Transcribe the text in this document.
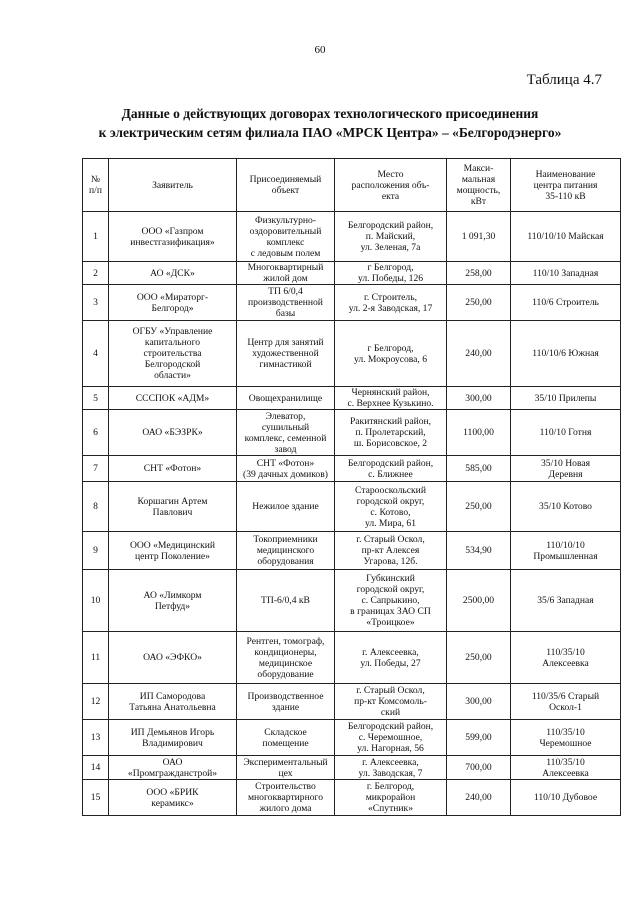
60
Таблица 4.7
Данные о действующих договорах технологического присоединения
к электрическим сетям филиала ПАО «МРСК Центра» – «Белгородэнерго»
№
п/п	Заявитель	Присоединяемый
объект	Место
расположения объ-
екта	Макси-
мальная
мощность,
кВт	Наименование
центра питания
35-110 кВ
1	ООО «Газпром
инвестгазификация»	Физкультурно-
оздоровительный
комплекс
с ледовым полем	Белгородский район,
п. Майский,
ул. Зеленая, 7а	1 091,30	110/10/10 Майская
2	АО «ДСК»	Многоквартирный
жилой дом	г Белгород,
ул. Победы, 126	258,00	110/10 Западная
3	ООО «Мираторг-
Белгород»	ТП 6/0,4
производственной
базы	г. Строитель,
ул. 2-я Заводская, 17	250,00	110/6 Строитель
4	ОГБУ «Управление
капитального
строительства
Белгородской
области»	Центр для занятий
художественной
гимнастикой	г Белгород,
ул. Мокроусова, 6	240,00	110/10/6 Южная
5	СССПОК «АДМ»	Овощехранилище	Чернянский район,
с. Верхнее Кузькино.	300,00	35/10 Прилепы
6	ОАО «БЭЗРК»	Элеватор,
сушильный
комплекс, семенной
завод	Ракитянский район,
п. Пролетарский,
ш. Борисовское, 2	1100,00	110/10 Готня
7	СНТ «Фотон»	СНТ «Фотон»
(39 дачных домиков)	Белгородский район,
с. Ближнее	585,00	35/10 Новая
Деревня
8	Коршагин Артем
Павлович	Нежилое здание	Старооскольский
городской округ,
с. Котово,
ул. Мира, 61	250,00	35/10 Котово
9	ООО «Медицинский
центр Поколение»	Токоприемники
медицинского
оборудования	г. Старый Оскол,
пр-кт Алексея
Угарова, 12б.	534,90	110/10/10
Промышленная
10	АО «Лимкорм
Петфуд»	ТП-6/0,4 кВ	Губкинский
городской округ,
с. Сапрыкино,
в границах ЗАО СП
«Троицкое»	2500,00	35/6 Западная
11	ОАО «ЭФКО»	Рентген, томограф,
кондиционеры,
медицинское
оборудование	г. Алексеевка,
ул. Победы, 27	250,00	110/35/10
Алексеевка
12	ИП Самородова
Татьяна Анатольевна	Производственное
здание	г. Старый Оскол,
пр-кт Комсомоль-
ский	300,00	110/35/6 Старый
Оскол-1
13	ИП Демьянов Игорь
Владимирович	Складское
помещение	Белгородский район,
с. Черемошное,
ул. Нагорная, 56	599,00	110/35/10
Черемошное
14	ОАО
«Промгражданстрой»	Экспериментальный
цех	г. Алексеевка,
ул. Заводская, 7	700,00	110/35/10
Алексеевка
15	ООО «БРИК
керамикс»	Строительство
многоквартирного
жилого дома	г. Белгород,
микрорайон
«Спутник»	240,00	110/10 Дубовое
